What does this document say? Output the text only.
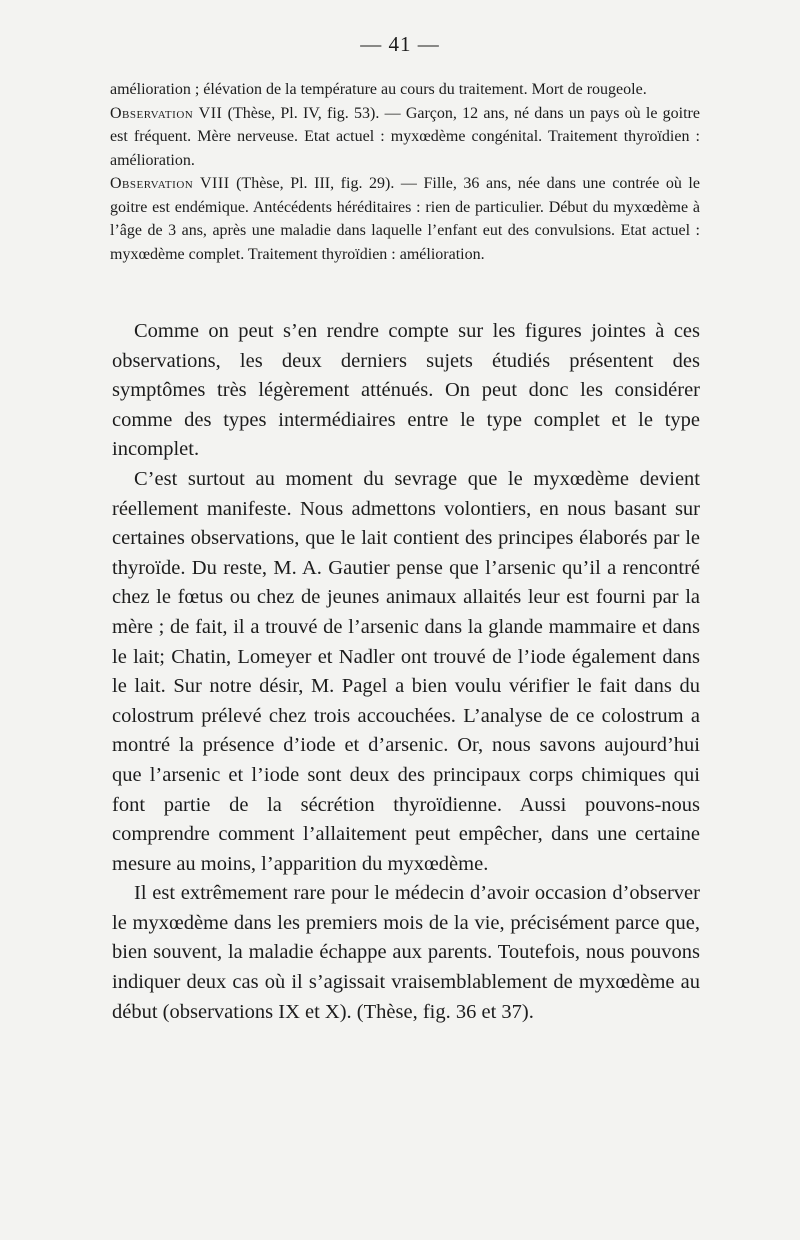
— 41 —

amélioration ; élévation de la température au cours du traitement. Mort de rougeole.

Observation VII (Thèse, Pl. IV, fig. 53). — Garçon, 12 ans, né dans un pays où le goitre est fréquent. Mère nerveuse. Etat actuel : myxœdème congénital. Traitement thyroïdien : amélioration.

Observation VIII (Thèse, Pl. III, fig. 29). — Fille, 36 ans, née dans une contrée où le goitre est endémique. Antécédents héréditaires : rien de particulier. Début du myxœdème à l’âge de 3 ans, après une maladie dans laquelle l’enfant eut des convulsions. Etat actuel : myxœdème complet. Traitement thyroïdien : amélioration.

Comme on peut s’en rendre compte sur les figures jointes à ces observations, les deux derniers sujets étudiés présentent des symptômes très légèrement atténués. On peut donc les considérer comme des types intermédiaires entre le type complet et le type incomplet.

C’est surtout au moment du sevrage que le myxœdème devient réellement manifeste. Nous admettons volontiers, en nous basant sur certaines observations, que le lait contient des principes élaborés par le thyroïde. Du reste, M. A. Gautier pense que l’arsenic qu’il a rencontré chez le fœtus ou chez de jeunes animaux allaités leur est fourni par la mère ; de fait, il a trouvé de l’arsenic dans la glande mammaire et dans le lait; Chatin, Lomeyer et Nadler ont trouvé de l’iode également dans le lait. Sur notre désir, M. Pagel a bien voulu vérifier le fait dans du colostrum prélevé chez trois accouchées. L’analyse de ce colostrum a montré la présence d’iode et d’arsenic. Or, nous savons aujourd’hui que l’arsenic et l’iode sont deux des principaux corps chimiques qui font partie de la sécrétion thyroïdienne. Aussi pouvons-nous comprendre comment l’allaitement peut empêcher, dans une certaine mesure au moins, l’apparition du myxœdème.

Il est extrêmement rare pour le médecin d’avoir occasion d’observer le myxœdème dans les premiers mois de la vie, précisément parce que, bien souvent, la maladie échappe aux parents. Toutefois, nous pouvons indiquer deux cas où il s’agissait vraisemblablement de myxœdème au début (observations IX et X). (Thèse, fig. 36 et 37).
